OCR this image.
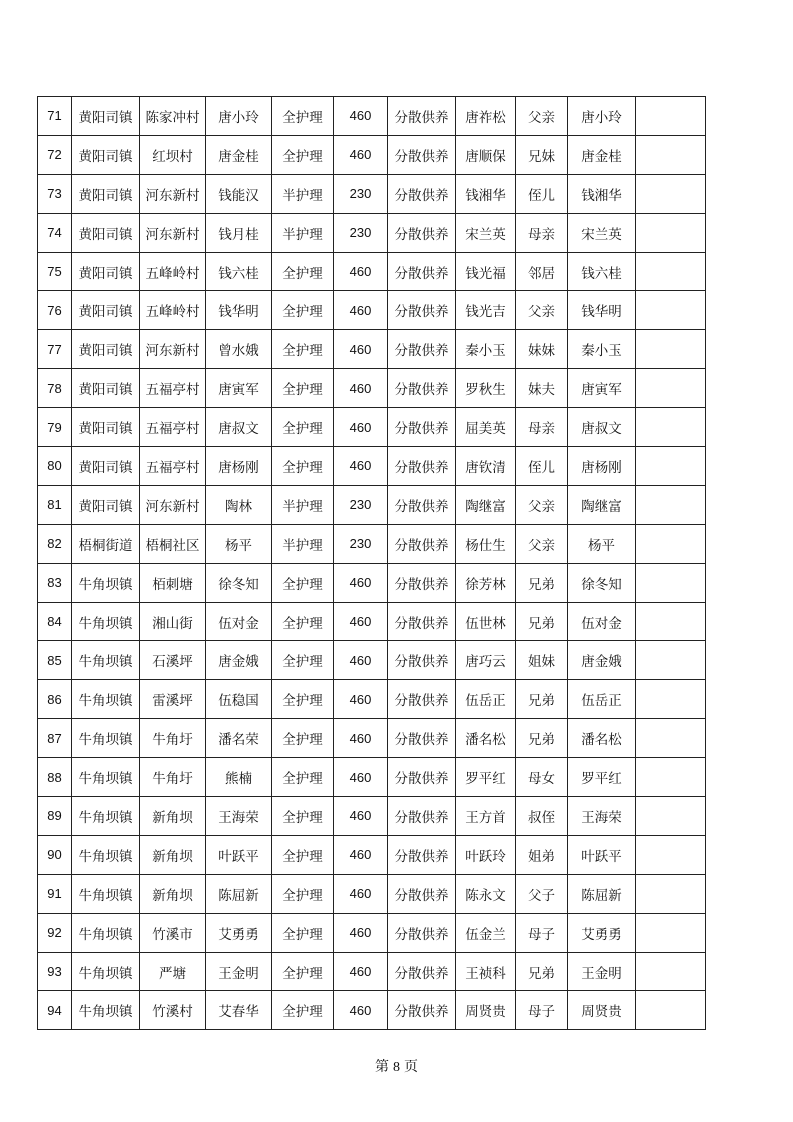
71	黄阳司镇	陈家冲村	唐小玲	全护理	460	分散供养	唐祚松	父亲	唐小玲	
72	黄阳司镇	红坝村	唐金桂	全护理	460	分散供养	唐顺保	兄妹	唐金桂	
73	黄阳司镇	河东新村	钱能汉	半护理	230	分散供养	钱湘华	侄儿	钱湘华	
74	黄阳司镇	河东新村	钱月桂	半护理	230	分散供养	宋兰英	母亲	宋兰英	
75	黄阳司镇	五峰岭村	钱六桂	全护理	460	分散供养	钱光福	邻居	钱六桂	
76	黄阳司镇	五峰岭村	钱华明	全护理	460	分散供养	钱光吉	父亲	钱华明	
77	黄阳司镇	河东新村	曾水娥	全护理	460	分散供养	秦小玉	妹妹	秦小玉	
78	黄阳司镇	五福亭村	唐寅军	全护理	460	分散供养	罗秋生	妹夫	唐寅军	
79	黄阳司镇	五福亭村	唐叔文	全护理	460	分散供养	屈美英	母亲	唐叔文	
80	黄阳司镇	五福亭村	唐杨刚	全护理	460	分散供养	唐钦清	侄儿	唐杨刚	
81	黄阳司镇	河东新村	陶林	半护理	230	分散供养	陶继富	父亲	陶继富	
82	梧桐街道	梧桐社区	杨平	半护理	230	分散供养	杨仕生	父亲	杨平	
83	牛角坝镇	栢刺塘	徐冬知	全护理	460	分散供养	徐芳林	兄弟	徐冬知	
84	牛角坝镇	湘山街	伍对金	全护理	460	分散供养	伍世林	兄弟	伍对金	
85	牛角坝镇	石溪坪	唐金娥	全护理	460	分散供养	唐巧云	姐妹	唐金娥	
86	牛角坝镇	雷溪坪	伍稳国	全护理	460	分散供养	伍岳正	兄弟	伍岳正	
87	牛角坝镇	牛角圩	潘名荣	全护理	460	分散供养	潘名松	兄弟	潘名松	
88	牛角坝镇	牛角圩	熊楠	全护理	460	分散供养	罗平红	母女	罗平红	
89	牛角坝镇	新角坝	王海荣	全护理	460	分散供养	王方首	叔侄	王海荣	
90	牛角坝镇	新角坝	叶跃平	全护理	460	分散供养	叶跃玲	姐弟	叶跃平	
91	牛角坝镇	新角坝	陈屈新	全护理	460	分散供养	陈永文	父子	陈屈新	
92	牛角坝镇	竹溪市	艾勇勇	全护理	460	分散供养	伍金兰	母子	艾勇勇	
93	牛角坝镇	严塘	王金明	全护理	460	分散供养	王祯科	兄弟	王金明	
94	牛角坝镇	竹溪村	艾春华	全护理	460	分散供养	周贤贵	母子	周贤贵	
第 8 页
